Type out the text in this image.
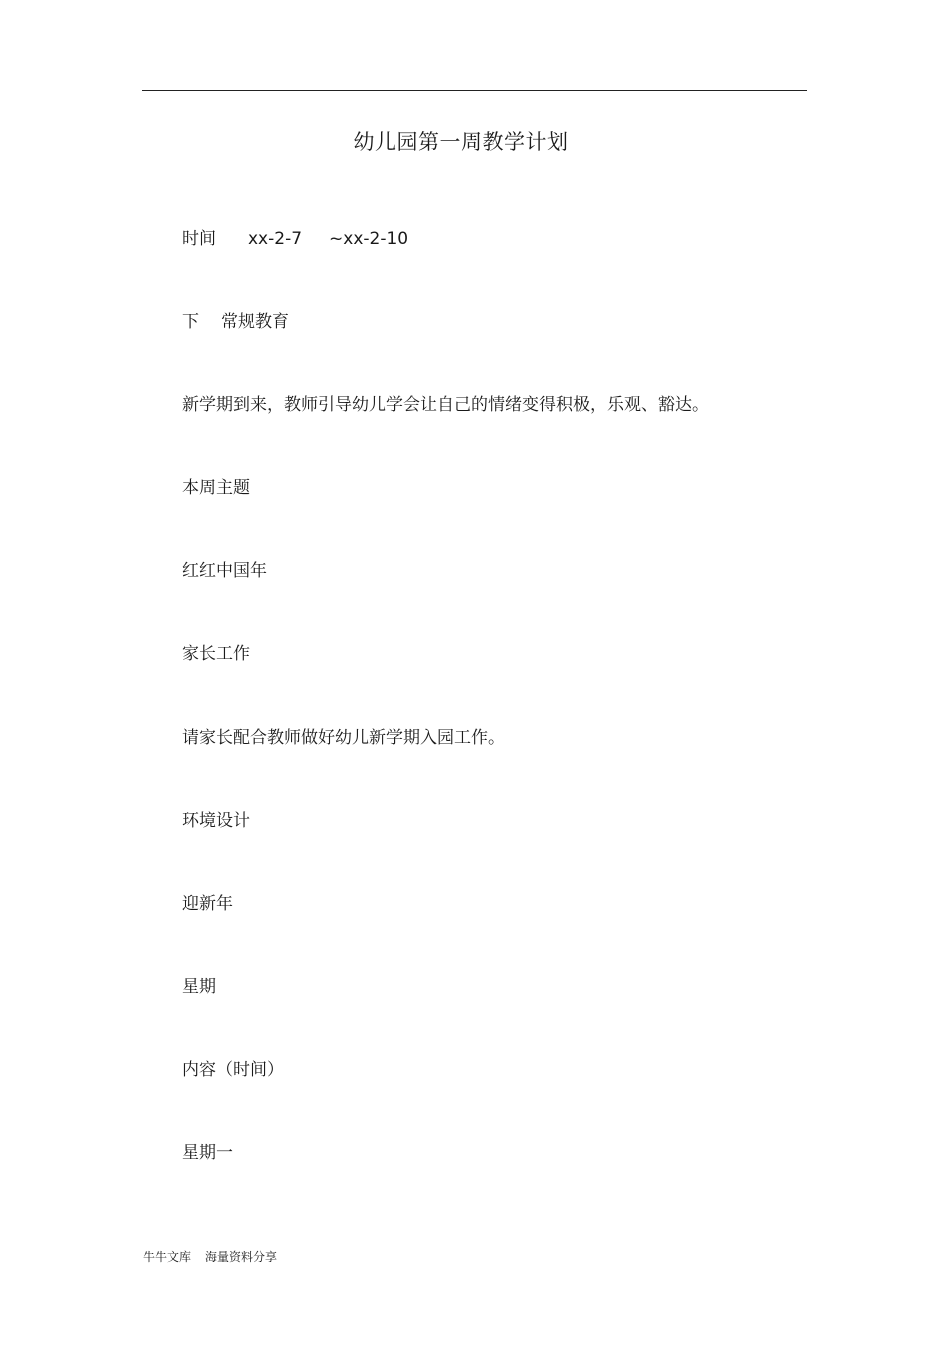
幼儿园第一周教学计划
时间 xx-2-7 ~xx-2-10
下 常规教育
新学期到来，教师引导幼儿学会让自己的情绪变得积极，乐观、豁达。
本周主题
红红中国年
家长工作
请家长配合教师做好幼儿新学期入园工作。
环境设计
迎新年
星期
内容（时间）
星期一
牛牛文库 海量资料分享
